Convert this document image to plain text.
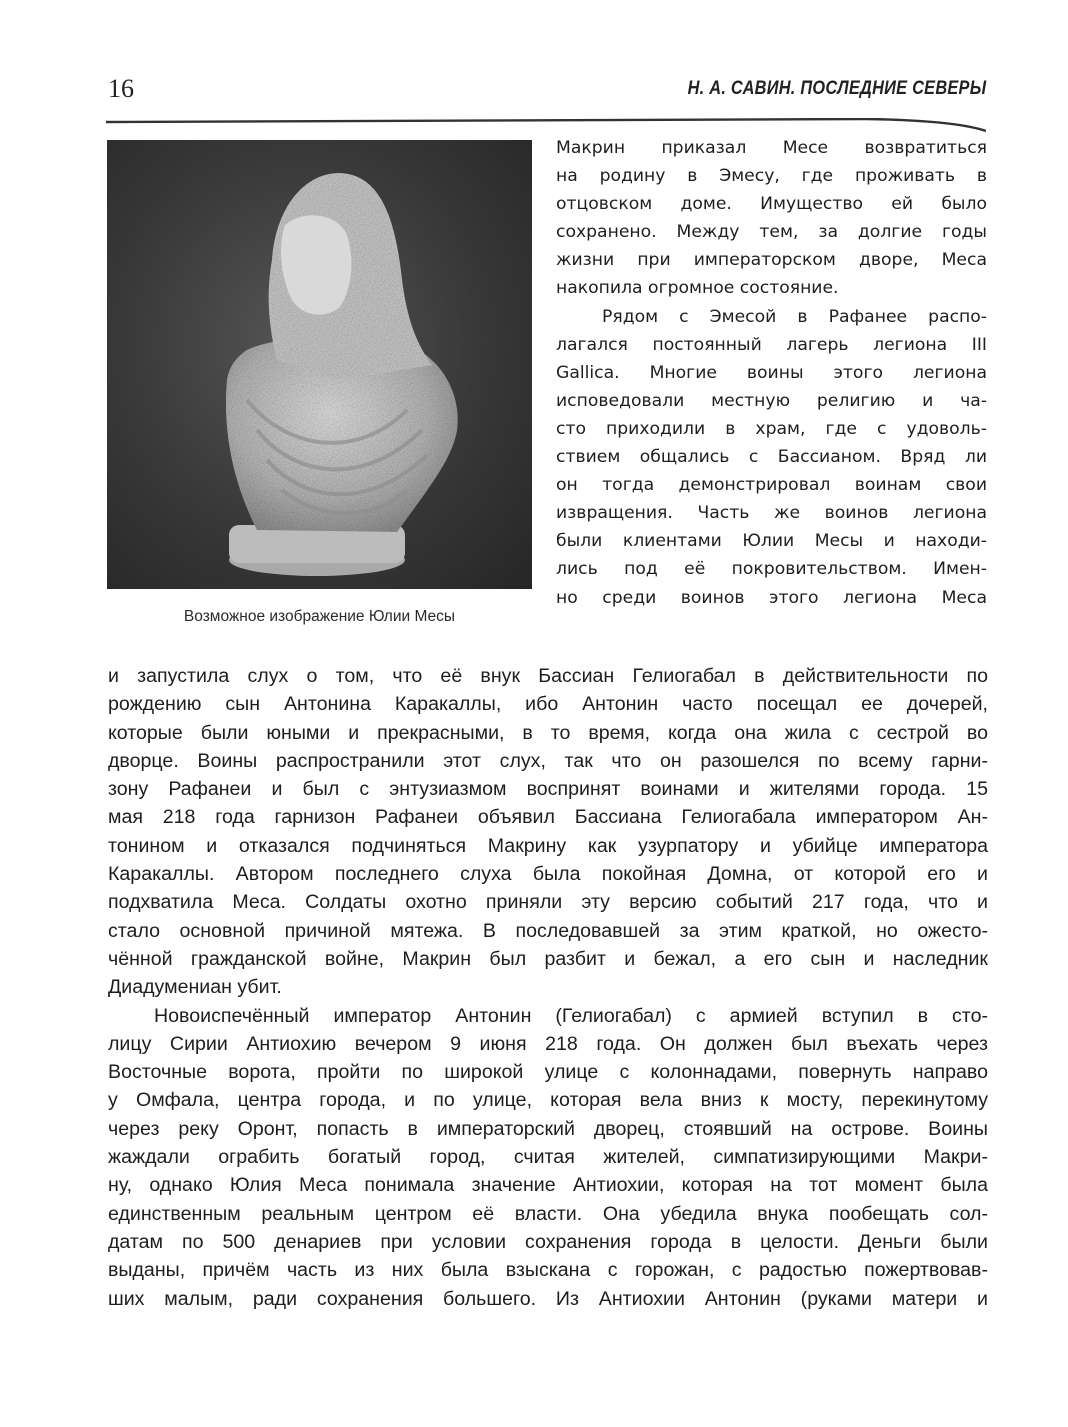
16	Н. А. САВИН. ПОСЛЕДНИЕ СЕВЕРЫ
Возможное изображение Юлии Месы
Макрин приказал Месе возвратиться
на родину в Эмесу, где проживать в
отцовском доме. Имущество ей было
сохранено. Между тем, за долгие годы
жизни при императорском дворе, Меса
накопила огромное состояние.
Рядом с Эмесой в Рафанее распо-
лагался постоянный лагерь легиона III
Gallica. Многие воины этого легиона
исповедовали местную религию и ча-
сто приходили в храм, где с удоволь-
ствием общались с Бассианом. Вряд ли
он тогда демонстрировал воинам свои
извращения. Часть же воинов легиона
были клиентами Юлии Месы и находи-
лись под её покровительством. Имен-
но среди воинов этого легиона Меса
и запустила слух о том, что её внук Бассиан Гелиогабал в действительности по
рождению сын Антонина Каракаллы, ибо Антонин часто посещал ее дочерей,
которые были юными и прекрасными, в то время, когда она жила с сестрой во
дворце. Воины распространили этот слух, так что он разошелся по всему гарни-
зону Рафанеи и был с энтузиазмом воспринят воинами и жителями города. 15
мая 218 года гарнизон Рафанеи объявил Бассиана Гелиогабала императором Ан-
тонином и отказался подчиняться Макрину как узурпатору и убийце императора
Каракаллы. Автором последнего слуха была покойная Домна, от которой его и
подхватила Меса. Солдаты охотно приняли эту версию событий 217 года, что и
стало основной причиной мятежа. В последовавшей за этим краткой, но ожесто-
чённой гражданской войне, Макрин был разбит и бежал, а его сын и наследник
Диадумениан убит.
Новоиспечённый император Антонин (Гелиогабал) с армией вступил в сто-
лицу Сирии Антиохию вечером 9 июня 218 года. Он должен был въехать через
Восточные ворота, пройти по широкой улице с колоннадами, повернуть направо
у Омфала, центра города, и по улице, которая вела вниз к мосту, перекинутому
через реку Оронт, попасть в императорский дворец, стоявший на острове. Воины
жаждали ограбить богатый город, считая жителей, симпатизирующими Макри-
ну, однако Юлия Меса понимала значение Антиохии, которая на тот момент была
единственным реальным центром её власти. Она убедила внука пообещать сол-
датам по 500 денариев при условии сохранения города в целости. Деньги были
выданы, причём часть из них была взыскана с горожан, с радостью пожертвовав-
ших малым, ради сохранения большего. Из Антиохии Антонин (руками матери и
